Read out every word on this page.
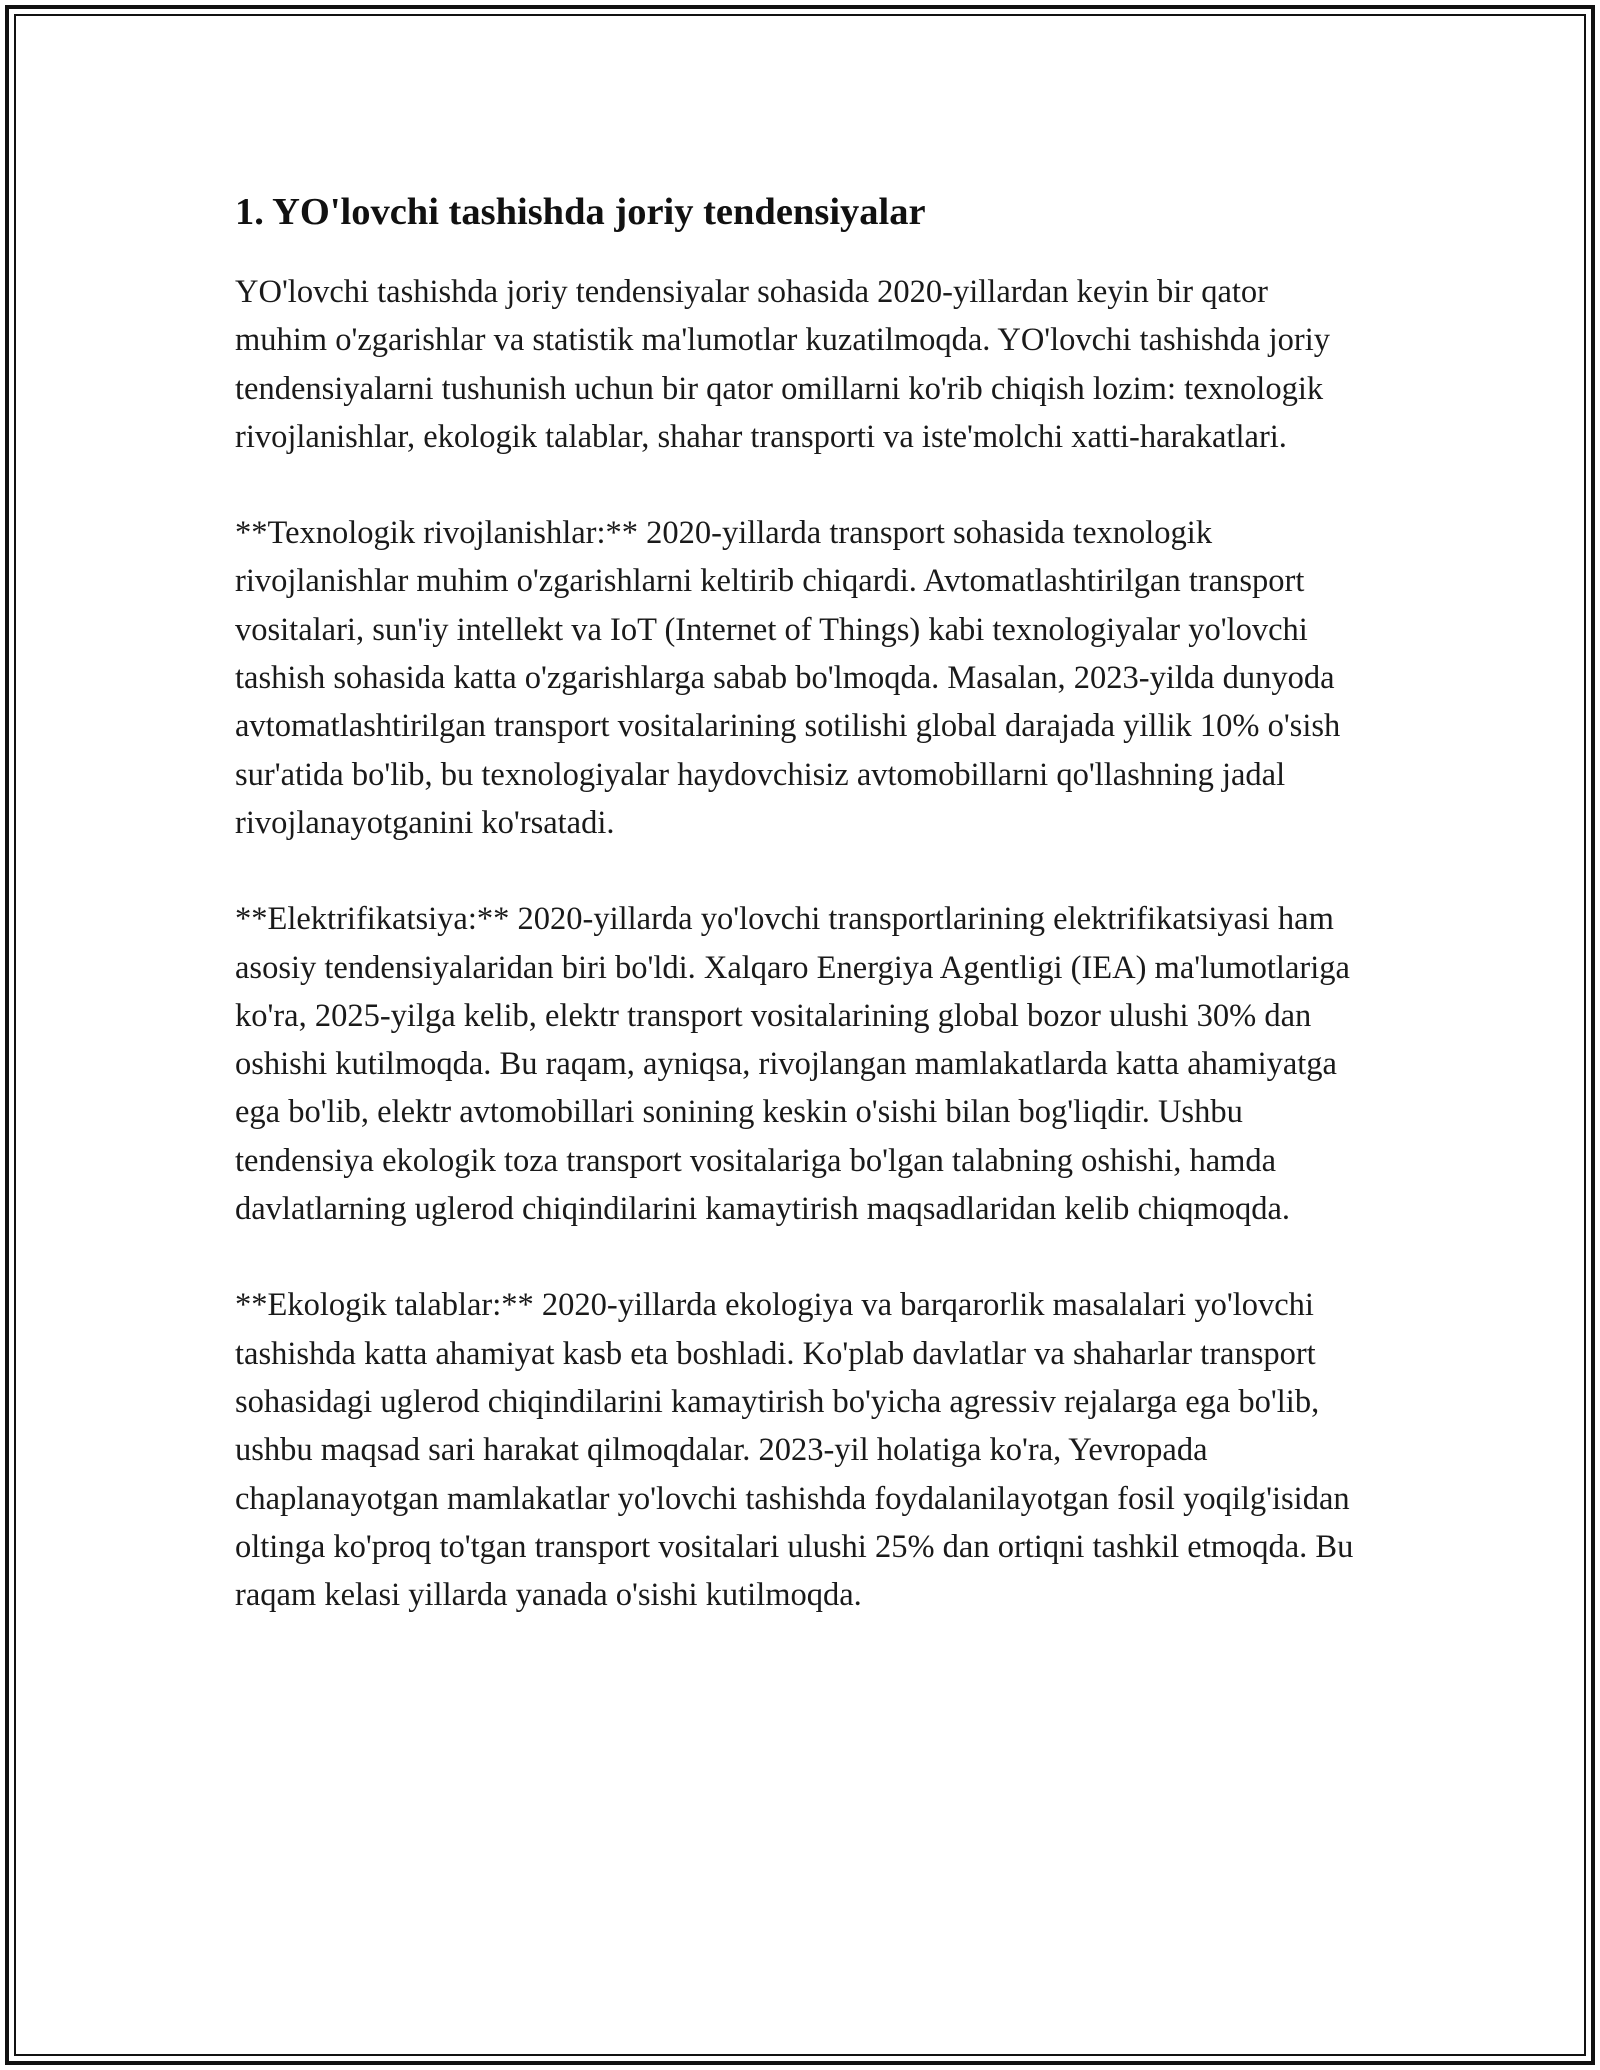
1. YO'lovchi tashishda joriy tendensiyalar

YO'lovchi tashishda joriy tendensiyalar sohasida 2020-yillardan keyin bir qator muhim o'zgarishlar va statistik ma'lumotlar kuzatilmoqda. YO'lovchi tashishda joriy tendensiyalarni tushunish uchun bir qator omillarni ko'rib chiqish lozim: texnologik rivojlanishlar, ekologik talablar, shahar transporti va iste'molchi xatti-harakatlari.

**Texnologik rivojlanishlar:** 2020-yillarda transport sohasida texnologik rivojlanishlar muhim o'zgarishlarni keltirib chiqardi. Avtomatlashtirilgan transport vositalari, sun'iy intellekt va IoT (Internet of Things) kabi texnologiyalar yo'lovchi tashish sohasida katta o'zgarishlarga sabab bo'lmoqda. Masalan, 2023-yilda dunyoda avtomatlashtirilgan transport vositalarining sotilishi global darajada yillik 10% o'sish sur'atida bo'lib, bu texnologiyalar haydovchisiz avtomobillarni qo'llashning jadal rivojlanayotganini ko'rsatadi.

**Elektrifikatsiya:** 2020-yillarda yo'lovchi transportlarining elektrifikatsiyasi ham asosiy tendensiyalaridan biri bo'ldi. Xalqaro Energiya Agentligi (IEA) ma'lumotlariga ko'ra, 2025-yilga kelib, elektr transport vositalarining global bozor ulushi 30% dan oshishi kutilmoqda. Bu raqam, ayniqsa, rivojlangan mamlakatlarda katta ahamiyatga ega bo'lib, elektr avtomobillari sonining keskin o'sishi bilan bog'liqdir. Ushbu tendensiya ekologik toza transport vositalariga bo'lgan talabning oshishi, hamda davlatlarning uglerod chiqindilarini kamaytirish maqsadlaridan kelib chiqmoqda.

**Ekologik talablar:** 2020-yillarda ekologiya va barqarorlik masalalari yo'lovchi tashishda katta ahamiyat kasb eta boshladi. Ko'plab davlatlar va shaharlar transport sohasidagi uglerod chiqindilarini kamaytirish bo'yicha agressiv rejalarga ega bo'lib, ushbu maqsad sari harakat qilmoqdalar. 2023-yil holatiga ko'ra, Yevropada chaplanayotgan mamlakatlar yo'lovchi tashishda foydalanilayotgan fosil yoqilg'isidan oltinga ko'proq to'tgan transport vositalari ulushi 25% dan ortiqni tashkil etmoqda. Bu raqam kelasi yillarda yanada o'sishi kutilmoqda.
